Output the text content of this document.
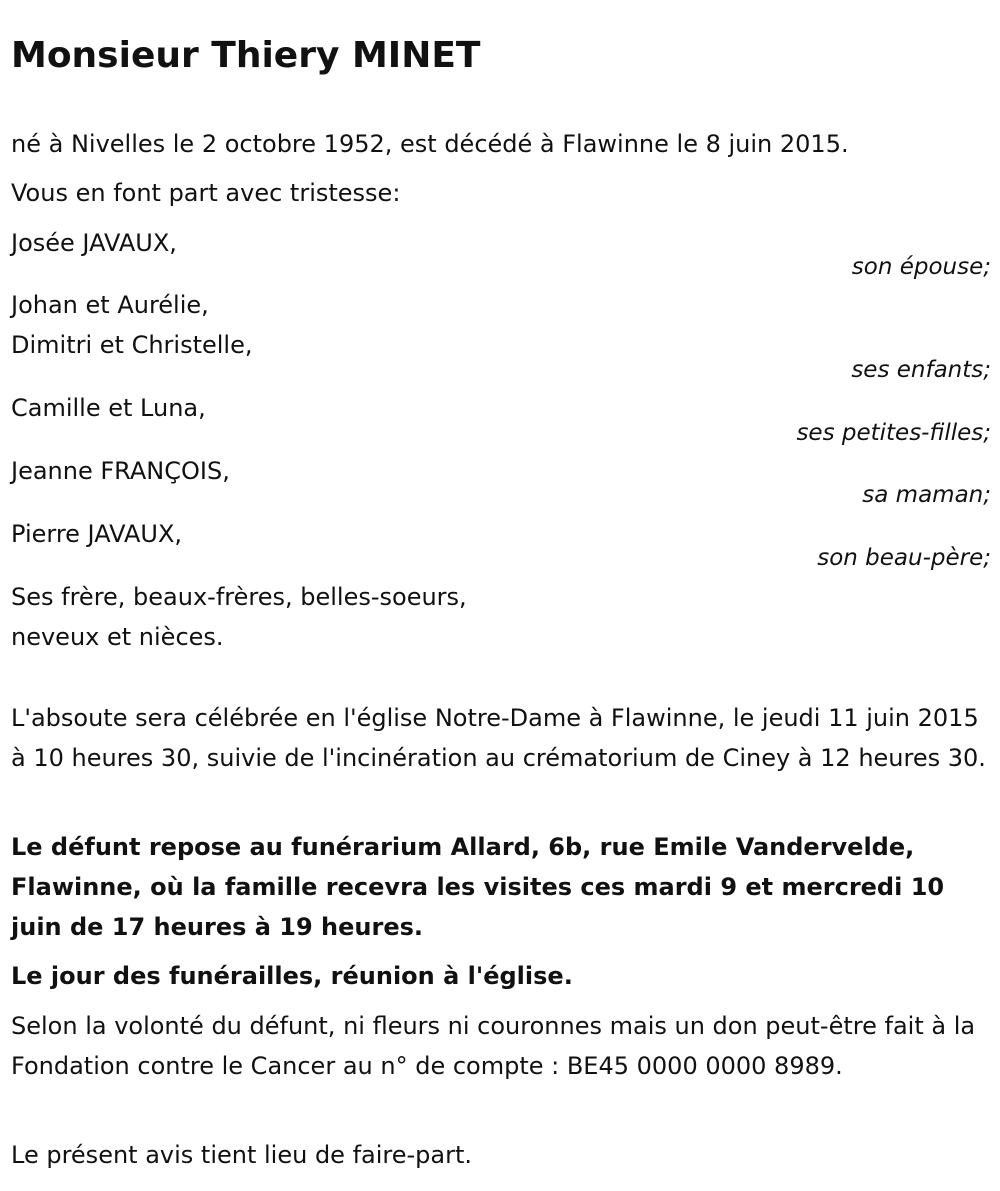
Monsieur Thiery MINET

né à Nivelles le 2 octobre 1952, est décédé à Flawinne le 8 juin 2015.

Vous en font part avec tristesse:

Josée JAVAUX,

son épouse;

Johan et Aurélie,

Dimitri et Christelle,

ses enfants;

Camille et Luna,

ses petites-filles;

Jeanne FRANÇOIS,

sa maman;

Pierre JAVAUX,

son beau-père;

Ses frère, beaux-frères, belles-soeurs,

neveux et nièces.

L'absoute sera célébrée en l'église Notre-Dame à Flawinne, le jeudi 11 juin 2015 à 10 heures 30, suivie de l'incinération au crématorium de Ciney à 12 heures 30.

Le défunt repose au funérarium Allard, 6b, rue Emile Vandervelde, Flawinne, où la famille recevra les visites ces mardi 9 et mercredi 10 juin de 17 heures à 19 heures.

Le jour des funérailles, réunion à l'église.

Selon la volonté du défunt, ni fleurs ni couronnes mais un don peut-être fait à la Fondation contre le Cancer au n° de compte : BE45 0000 0000 8989.

Le présent avis tient lieu de faire-part.
